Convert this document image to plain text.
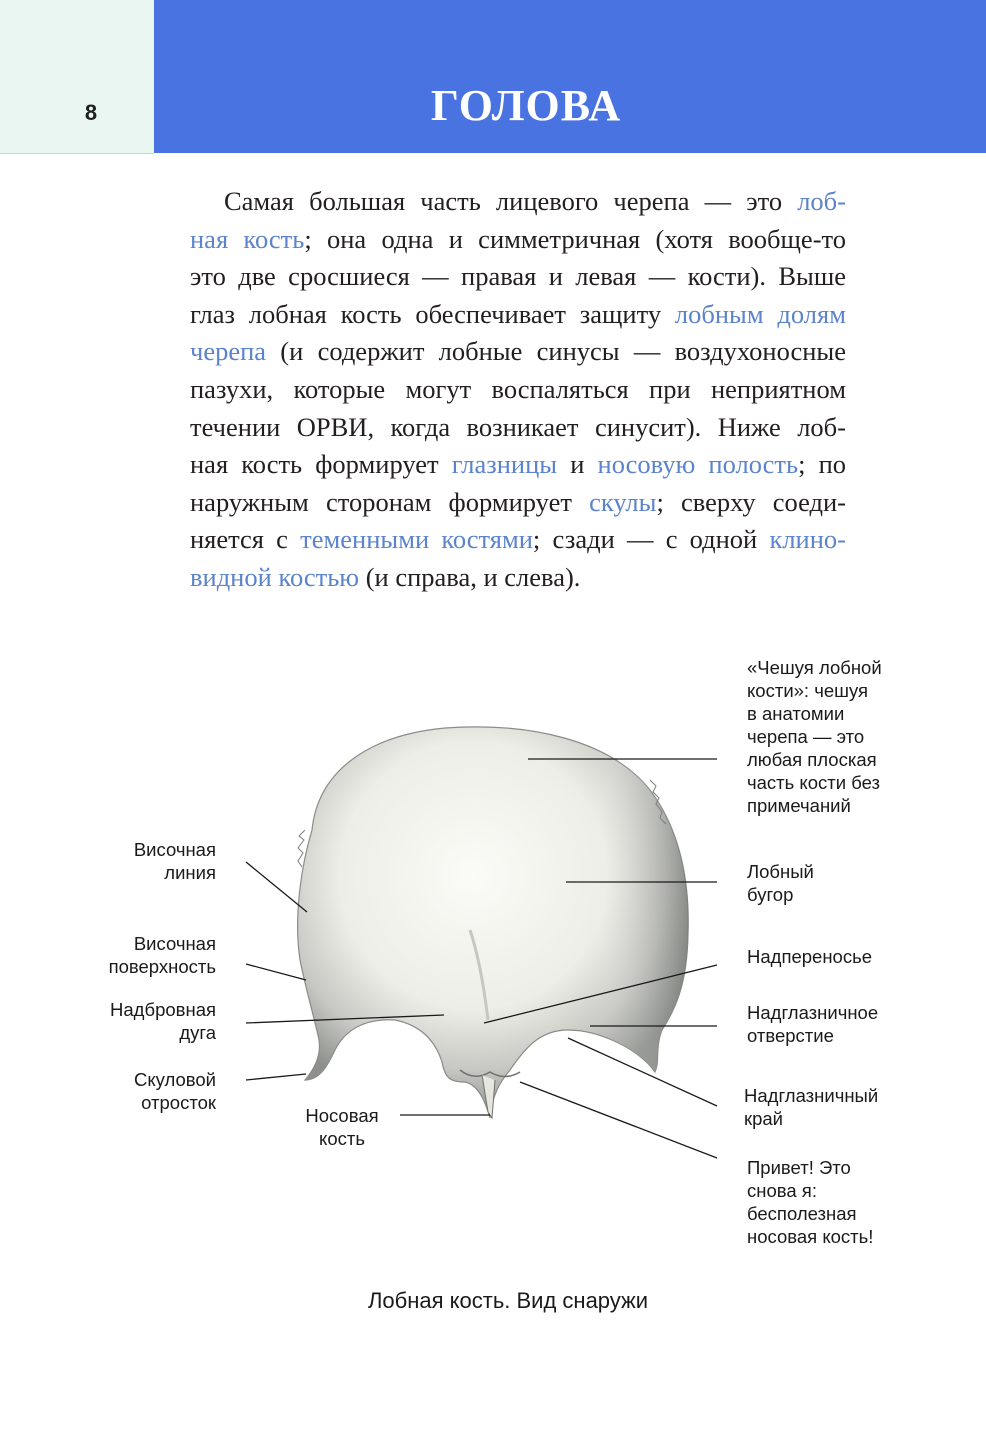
8	ГОЛОВА

Самая большая часть лицевого черепа — это лоб-
ная кость; она одна и симметричная (хотя вообще-то
это две сросшиеся — правая и левая — кости). Выше
глаз лобная кость обеспечивает защиту лобным долям
черепа (и содержит лобные синусы — воздухоносные
пазухи, которые могут воспаляться при неприятном
течении ОРВИ, когда возникает синусит). Ниже лоб-
ная кость формирует глазницы и носовую полость; по
наружным сторонам формирует скулы; сверху соеди-
няется с теменными костями; сзади — с одной клино-
видной костью (и справа, и слева).

Височная
линия
Височная
поверхность
Надбровная
дуга
Скуловой
отросток
Носовая
кость
«Чешуя лобной
кости»: чешуя
в анатомии
черепа — это
любая плоская
часть кости без
примечаний
Лобный
бугор
Надпереносье
Надглазничное
отверстие
Надглазничный
край
Привет! Это
снова я:
бесполезная
носовая кость!
Лобная кость. Вид снаружи
